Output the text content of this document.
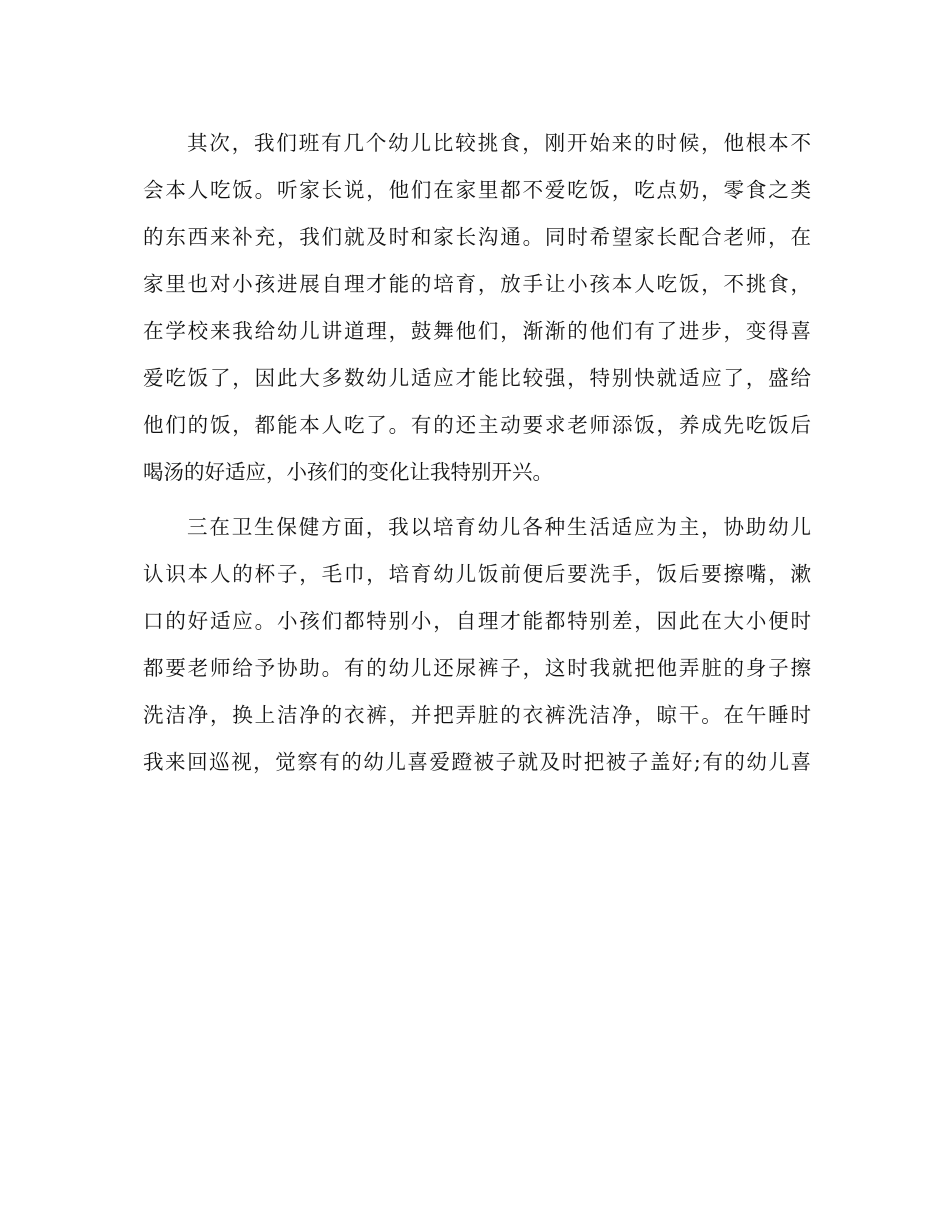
其次，我们班有几个幼儿比较挑食，刚开始来的时候，他根本不
会本人吃饭。听家长说，他们在家里都不爱吃饭，吃点奶，零食之类
的东西来补充，我们就及时和家长沟通。同时希望家长配合老师，在
家里也对小孩进展自理才能的培育，放手让小孩本人吃饭，不挑食，
在学校来我给幼儿讲道理，鼓舞他们，渐渐的他们有了进步，变得喜
爱吃饭了，因此大多数幼儿适应才能比较强，特别快就适应了，盛给
他们的饭，都能本人吃了。有的还主动要求老师添饭，养成先吃饭后
喝汤的好适应，小孩们的变化让我特别开兴。
三在卫生保健方面，我以培育幼儿各种生活适应为主，协助幼儿
认识本人的杯子，毛巾，培育幼儿饭前便后要洗手，饭后要擦嘴，漱
口的好适应。小孩们都特别小，自理才能都特别差，因此在大小便时
都要老师给予协助。有的幼儿还尿裤子，这时我就把他弄脏的身子擦
洗洁净，换上洁净的衣裤，并把弄脏的衣裤洗洁净，晾干。在午睡时
我来回巡视，觉察有的幼儿喜爱蹬被子就及时把被子盖好;有的幼儿喜
